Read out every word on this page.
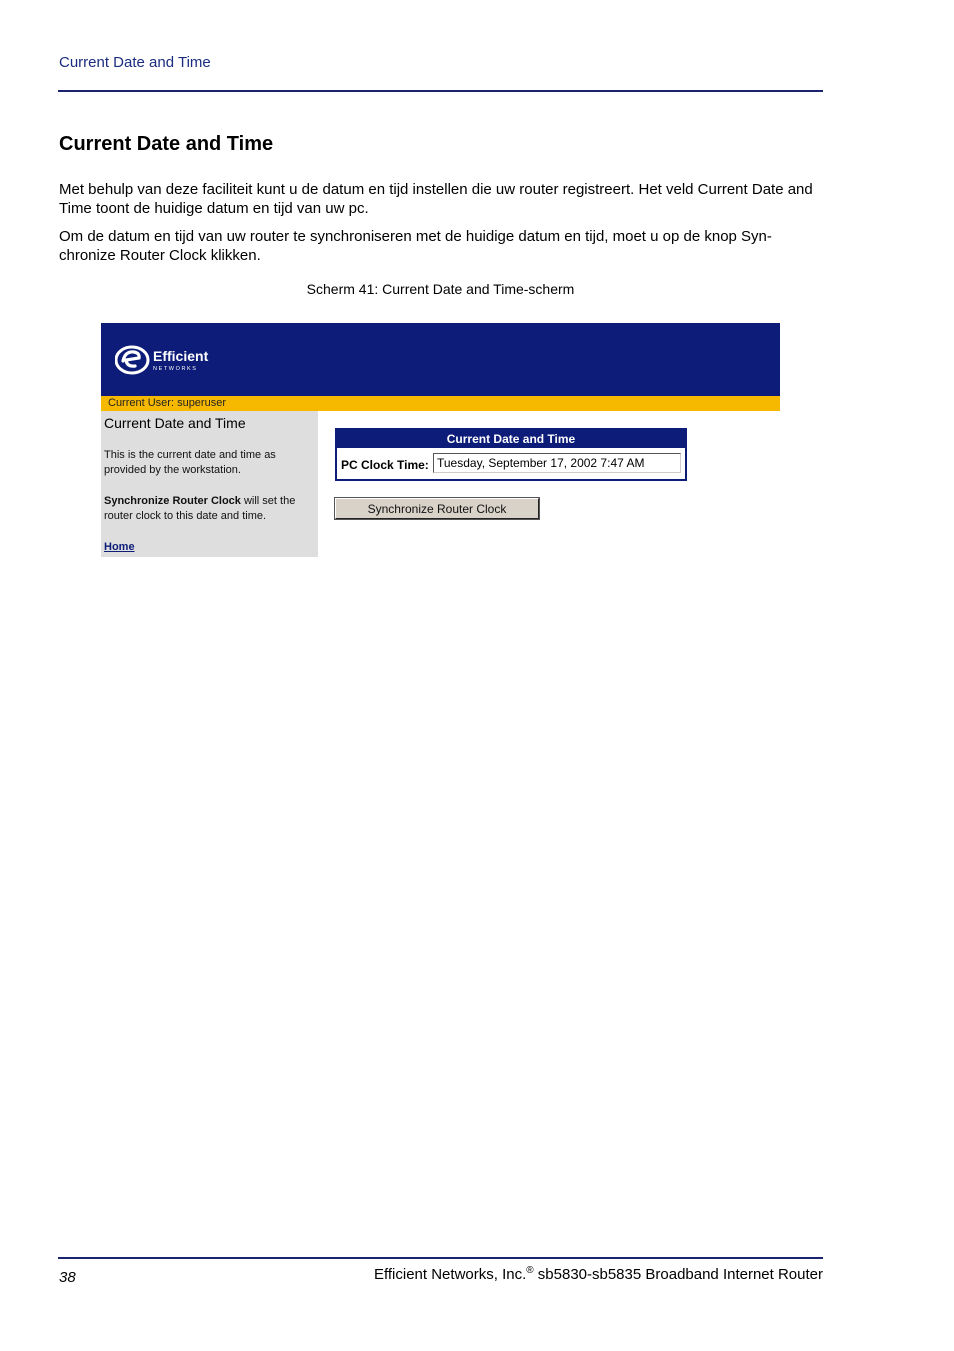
Current Date and Time
Current Date and Time

Met behulp van deze faciliteit kunt u de datum en tijd instellen die uw router registreert. Het veld Current Date and Time toont de huidige datum en tijd van uw pc.

Om de datum en tijd van uw router te synchroniseren met de huidige datum en tijd, moet u op de knop Syn-chronize Router Clock klikken.

Scherm 41: Current Date and Time-scherm
Efficient
NETWORKS
Current User: superuser
Current Date and Time
This is the current date and time as provided by the workstation.
Synchronize Router Clock will set the router clock to this date and time.
Home
Current Date and Time
PC Clock Time:
Tuesday, September 17, 2002 7:47 AM
Synchronize Router Clock
38	Efficient Networks, Inc.® sb5830-sb5835 Broadband Internet Router
